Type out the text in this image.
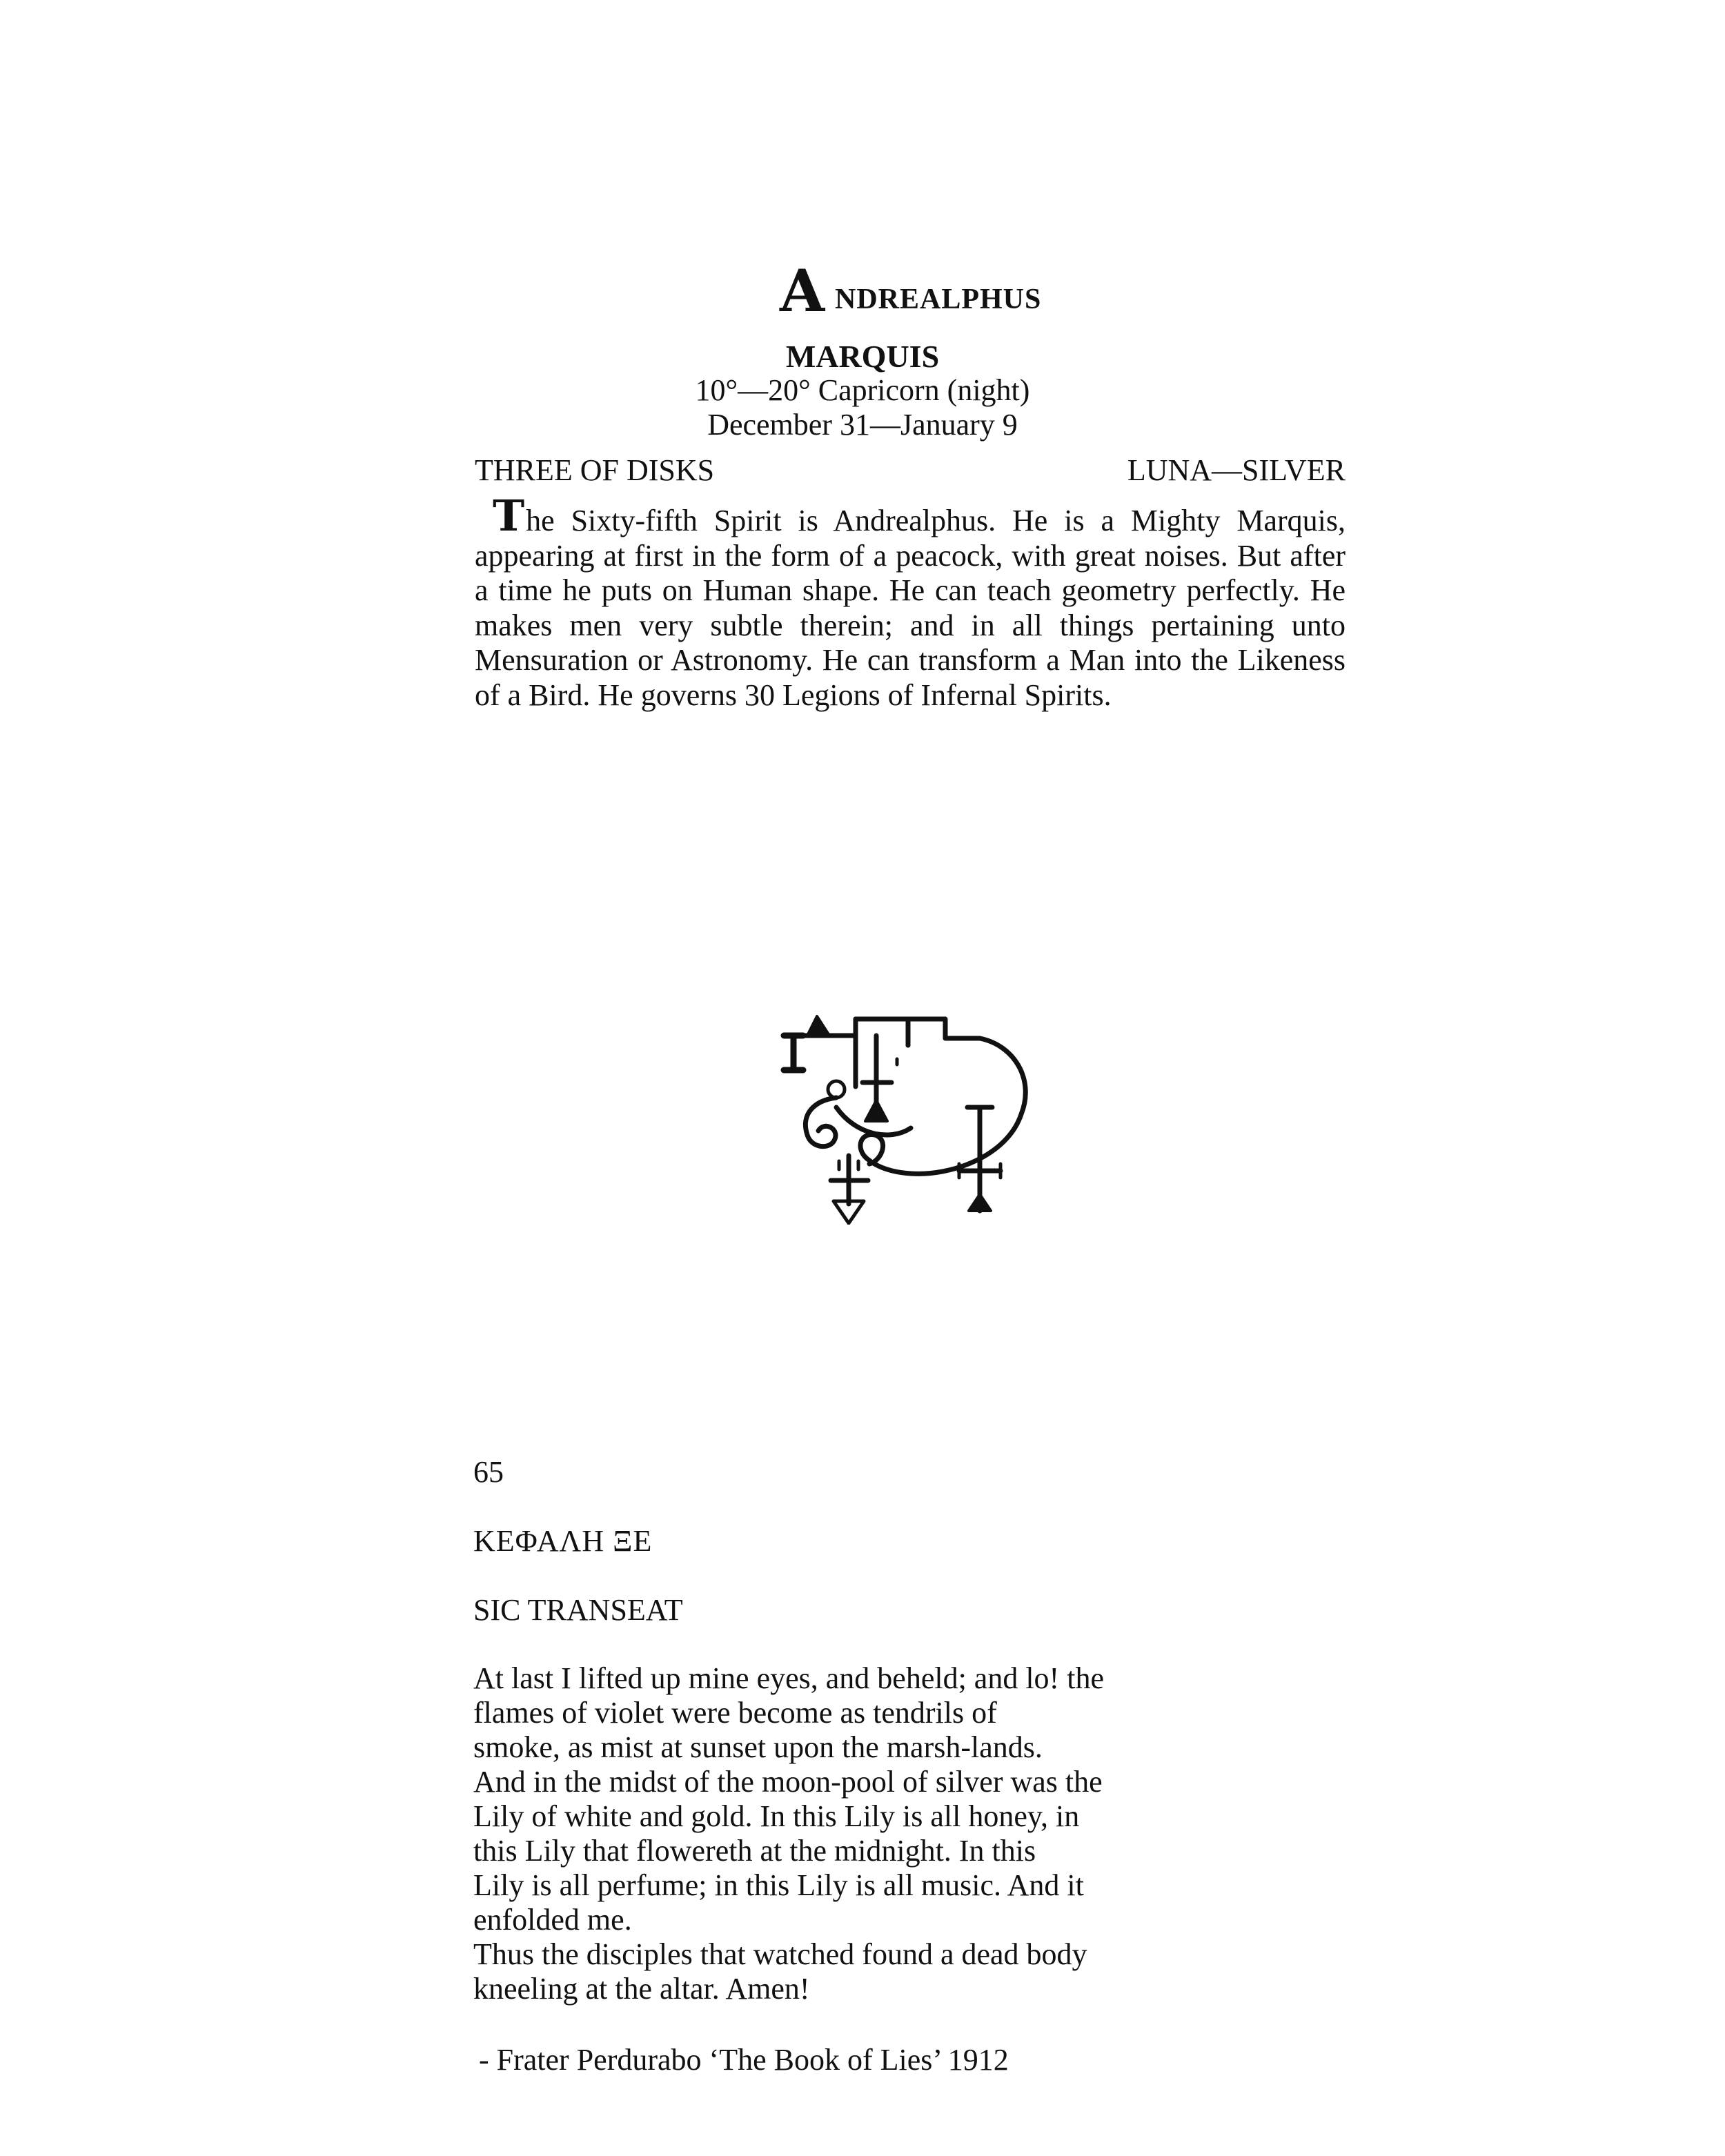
A NDREALPHUS
MARQUIS
10°—20° Capricorn (night)
December 31—January 9
THREE OF DISKS	LUNA—SILVER
The Sixty-fifth Spirit is Andrealphus. He is a Mighty Marquis, appearing at first in the form of a peacock, with great noises. But after a time he puts on Human shape. He can teach geometry perfectly. He makes men very subtle therein; and in all things pertaining unto Mensuration or Astronomy. He can transform a Man into the Likeness of a Bird. He governs 30 Legions of Infernal Spirits.
65
ΚΕΦΑΛΗ ΞΕ
SIC TRANSEAT
At last I lifted up mine eyes, and beheld; and lo! the
flames of violet were become as tendrils of
smoke, as mist at sunset upon the marsh-lands.
And in the midst of the moon-pool of silver was the
Lily of white and gold. In this Lily is all honey, in
this Lily that flowereth at the midnight. In this
Lily is all perfume; in this Lily is all music. And it
enfolded me.
Thus the disciples that watched found a dead body
kneeling at the altar. Amen!
- Frater Perdurabo ‘The Book of Lies’ 1912
